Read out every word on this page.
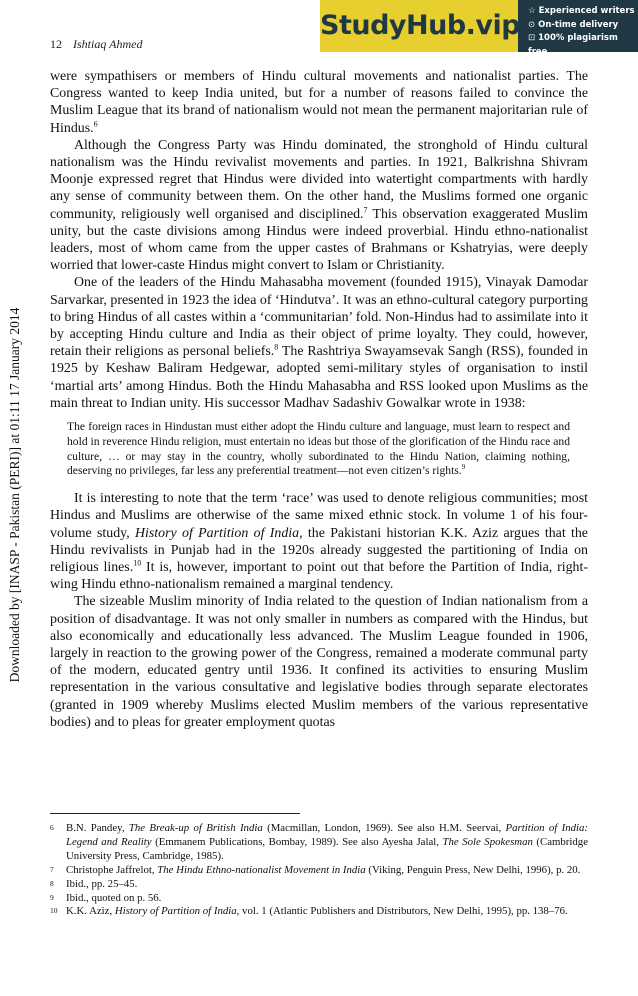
12 Ishtiaq Ahmed
StudyHub.vip ☆ Experienced writers
⊙ On-time delivery
⊡ 100% plagiarism free
Downloaded by [INASP - Pakistan (PERI)] at 01:11 17 January 2014

were sympathisers or members of Hindu cultural movements and nationalist parties. The Congress wanted to keep India united, but for a number of reasons failed to convince the Muslim League that its brand of nationalism would not mean the permanent majoritarian rule of Hindus.$^6$

Although the Congress Party was Hindu dominated, the stronghold of Hindu cultural nationalism was the Hindu revivalist movements and parties. In 1921, Balkrishna Shivram Moonje expressed regret that Hindus were divided into watertight compartments with hardly any sense of community between them. On the other hand, the Muslims formed one organic community, religiously well organised and disciplined.$^7$ This observation exaggerated Muslim unity, but the caste divisions among Hindus were indeed proverbial. Hindu ethno-nationalist leaders, most of whom came from the upper castes of Brahmans or Kshatryias, were deeply worried that lower-caste Hindus might convert to Islam or Christianity.

One of the leaders of the Hindu Mahasabha movement (founded 1915), Vinayak Damodar Sarvarkar, presented in 1923 the idea of ‘Hindutva’. It was an ethno-cultural category purporting to bring Hindus of all castes within a ‘communitarian’ fold. Non-Hindus had to assimilate into it by accepting Hindu culture and India as their object of prime loyalty. They could, however, retain their religions as personal beliefs.$^8$ The Rashtriya Swayamsevak Sangh (RSS), founded in 1925 by Keshaw Baliram Hedgewar, adopted semi-military styles of organisation to instil ‘martial arts’ among Hindus. Both the Hindu Mahasabha and RSS looked upon Muslims as the main threat to Indian unity. His successor Madhav Sadashiv Gowalkar wrote in 1938:

The foreign races in Hindustan must either adopt the Hindu culture and language, must learn to respect and hold in reverence Hindu religion, must entertain no ideas but those of the glorification of the Hindu race and culture, … or may stay in the country, wholly subordinated to the Hindu Nation, claiming nothing, deserving no privileges, far less any preferential treatment—not even citizen’s rights.$^9$

It is interesting to note that the term ‘race’ was used to denote religious communities; most Hindus and Muslims are otherwise of the same mixed ethnic stock. In volume 1 of his four-volume study, History of Partition of India, the Pakistani historian K.K. Aziz argues that the Hindu revivalists in Punjab had in the 1920s already suggested the partitioning of India on religious lines.$^{10}$ It is, however, important to point out that before the Partition of India, right-wing Hindu ethno-nationalism remained a marginal tendency.

The sizeable Muslim minority of India related to the question of Indian nationalism from a position of disadvantage. It was not only smaller in numbers as compared with the Hindus, but also economically and educationally less advanced. The Muslim League founded in 1906, largely in reaction to the growing power of the Congress, remained a moderate communal party of the modern, educated gentry until 1936. It confined its activities to ensuring Muslim representation in the various consultative and legislative bodies through separate electorates (granted in 1909 whereby Muslims elected Muslim members of the various representative bodies) and to pleas for greater employment quotas

6 B.N. Pandey, The Break-up of British India (Macmillan, London, 1969). See also H.M. Seervai, Partition of India: Legend and Reality (Emmanem Publications, Bombay, 1989). See also Ayesha Jalal, The Sole Spokesman (Cambridge University Press, Cambridge, 1985).
7 Christophe Jaffrelot, The Hindu Ethno-nationalist Movement in India (Viking, Penguin Press, New Delhi, 1996), p. 20.
8 Ibid., pp. 25–45.
9 Ibid., quoted on p. 56.
10 K.K. Aziz, History of Partition of India, vol. 1 (Atlantic Publishers and Distributors, New Delhi, 1995), pp. 138–76.
